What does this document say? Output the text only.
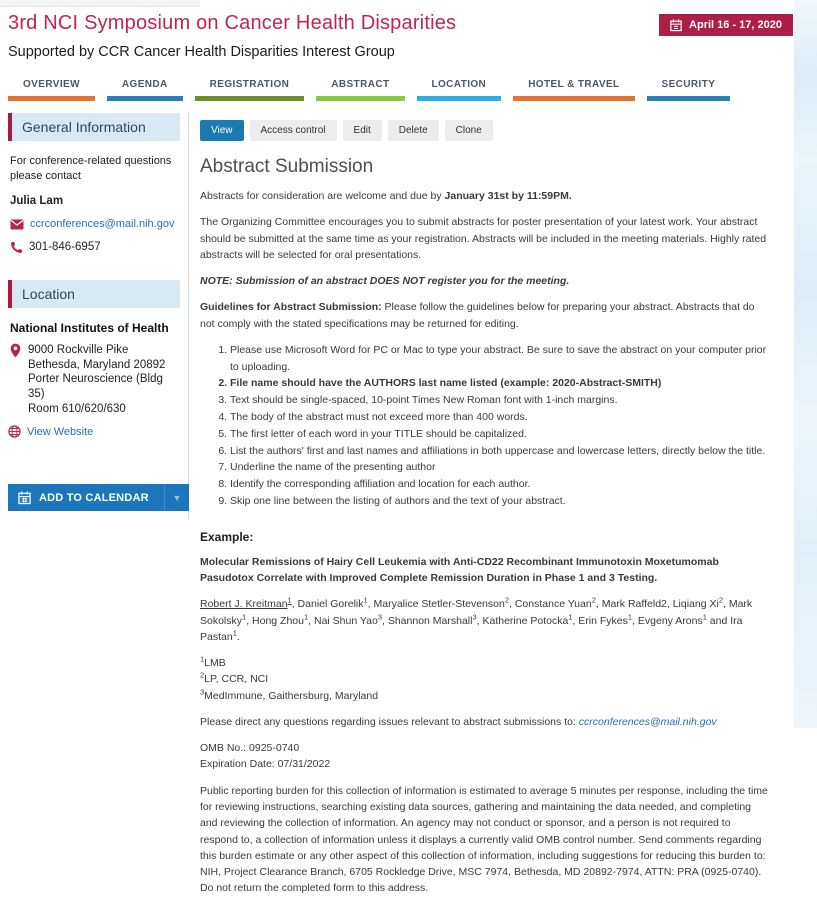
3rd NCI Symposium on Cancer Health Disparities	April 16 - 17, 2020
Supported by CCR Cancer Health Disparities Interest Group
OVERVIEW	AGENDA	REGISTRATION	ABSTRACT	LOCATION	HOTEL & TRAVEL	SECURITY
General Information
For conference-related questions please contact
Julia Lam
ccrconferences@mail.nih.gov
301-846-6957
Location
National Institutes of Health
9000 Rockville Pike
Bethesda, Maryland 20892
Porter Neuroscience (Bldg
35)
Room 610/620/630
View Website
ADD TO CALENDAR	▼
View	Access control	Edit	Delete	Clone
Abstract Submission

Abstracts for consideration are welcome and due by January 31st by 11:59PM.

The Organizing Committee encourages you to submit abstracts for poster presentation of your latest work. Your abstract should be submitted at the same time as your registration. Abstracts will be included in the meeting materials. Highly rated abstracts will be selected for oral presentations.

NOTE: Submission of an abstract DOES NOT register you for the meeting.

Guidelines for Abstract Submission: Please follow the guidelines below for preparing your abstract. Abstracts that do not comply with the stated specifications may be returned for editing.

1. Please use Microsoft Word for PC or Mac to type your abstract. Be sure to save the abstract on your computer prior to uploading.
2. File name should have the AUTHORS last name listed (example: 2020-Abstract-SMITH)
3. Text should be single-spaced, 10-point Times New Roman font with 1-inch margins.
4. The body of the abstract must not exceed more than 400 words.
5. The first letter of each word in your TITLE should be capitalized.
6. List the authors' first and last names and affiliations in both uppercase and lowercase letters, directly below the title.
7. Underline the name of the presenting author
8. Identify the corresponding affiliation and location for each author.
9. Skip one line between the listing of authors and the text of your abstract.
Example:

Molecular Remissions of Hairy Cell Leukemia with Anti-CD22 Recombinant Immunotoxin Moxetumomab Pasudotox Correlate with Improved Complete Remission Duration in Phase 1 and 3 Testing.

Robert J. Kreitman$^1$, Daniel Gorelik$^1$, Maryalice Stetler-Stevenson$^2$, Constance Yuan$^2$, Mark Raffeld2, Liqiang Xi$^2$, Mark Sokolsky$^1$, Hong Zhou$^1$, Nai Shun Yao$^3$, Shannon Marshall$^3$, Katherine Potocka$^1$, Erin Fykes$^1$, Evgeny Arons$^1$ and Ira Pastan$^1$.

$^1$LMB
$^2$LP, CCR, NCI
$^3$MedImmune, Gaithersburg, Maryland

Please direct any questions regarding issues relevant to abstract submissions to: ccrconferences@mail.nih.gov

OMB No.: 0925-0740
Expiration Date: 07/31/2022

Public reporting burden for this collection of information is estimated to average 5 minutes per response, including the time for reviewing instructions, searching existing data sources, gathering and maintaining the data needed, and completing and reviewing the collection of information. An agency may not conduct or sponsor, and a person is not required to respond to, a collection of information unless it displays a currently valid OMB control number. Send comments regarding this burden estimate or any other aspect of this collection of information, including suggestions for reducing this burden to: NIH, Project Clearance Branch, 6705 Rockledge Drive, MSC 7974, Bethesda, MD 20892-7974, ATTN: PRA (0925-0740). Do not return the completed form to this address.
